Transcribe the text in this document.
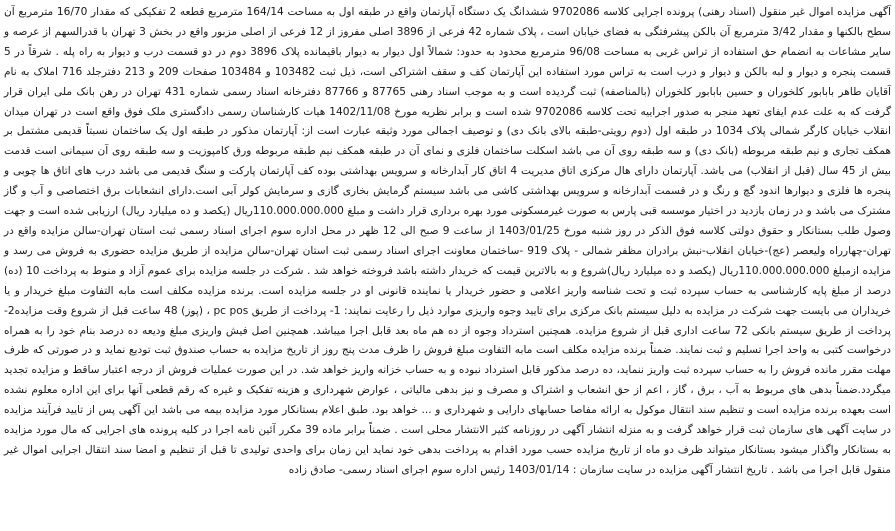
آگهی مزایده اموال غیر منقول (اسناد رهنی) پرونده اجرایی کلاسه 9702086 ششدانگ یک دستگاه آپارتمان واقع در طبقه اول به مساحت 164/14 مترمربع قطعه 2 تفکیکی که مقدار 16/70 مترمربع آن سطح بالکنها و مقدار 3/42 مترمربع آن بالکن پیشرفتگی به فضای خیابان است ، پلاک شماره 42 فرعی از 3896 اصلی مفروز از 12 فرعی از اصلی مزبور واقع در بخش 3 تهران با قدرالسهم از عرصه و سایر مشاعات به انضمام حق استفاده از تراس غربی به مساحت 96/08 مترمربع محدود به حدود: شمالاً اول دیوار به دیوار باقیمانده پلاک 3896 دوم در دو قسمت درب و دیوار به راه پله . شرقاً در 5 قسمت پنجره و دیوار و لبه بالکن و دیوار و درب است به تراس مورد استفاده این آپارتمان کف و سقف اشتراکی است، ذیل ثبت 103482 و 103484 صفحات 209 و 213 دفترجلد 716 املاک به نام آقایان طاهر بابابور کلخوران و حسین بابابور کلخوران (بالمناصفه) ثبت گردیده است و به موجب اسناد رهنی 87765 و 87766 دفترخانه اسناد رسمی شماره 431 تهران در رهن بانک ملی ایران قرار گرفت که به علت عدم ایفای تعهد منجر به صدور اجراییه تحت کلاسه 9702086 شده است و برابر نظریه مورخ 1402/11/08 هیات کارشناسان رسمی دادگستری ملک فوق واقع است در تهران میدان انقلاب خیابان کارگر شمالی پلاک 1034 در طبقه اول (دوم رویتی-طبقه بالای بانک دی) و توصیف اجمالی مورد وثیقه عبارت است از: آپارتمان مذکور در طبقه اول یک ساختمان نسبتاً قدیمی مشتمل بر همکف تجاری و نیم طبقه مربوطه (بانک دی) و سه طبقه روی آن می باشد اسکلت ساختمان فلزی و نمای آن در طبقه همکف نیم طبقه مربوطه ورق کامپوزیت و سه طبقه روی آن سیمانی است قدمت بیش از 45 سال (قبل از انقلاب) می باشد. آپارتمان دارای هال مرکزی اتاق مدیریت 4 اتاق کار آبدارخانه و سرویس بهداشتی بوده کف آپارتمان پارکت و سنگ قدیمی می باشد درب های اتاق ها چوبی و پنجره ها فلزی و دیوارها اندود گچ و رنگ و در قسمت آبدارخانه و سرویس بهداشتی کاشی می باشد سیستم گرمایش بخاری گازی و سرمایش کولر آبی است.دارای انشعابات برق اختصاصی و آب و گاز مشترک می باشد و در زمان بازدید در اختیار موسسه قبی پارس به صورت غیرمسکونی مورد بهره برداری قرار داشت و مبلغ 110.000.000.000ریال (یکصد و ده میلیارد ریال) ارزیابی شده است و جهت وصول طلب بستانکار و حقوق دولتی کلاسه فوق الذکر در روز شنبه مورخ 1403/01/25 از ساعت 9 صبح الی 12 ظهر در محل اداره سوم اجرای اسناد رسمی ثبت استان تهران-سالن مزایده واقع در تهران-چهارراه ولیعصر (عج)-خیابان انقلاب-نبش برادران مظفر شمالی - پلاک 919 -ساختمان معاونت اجرای اسناد رسمی ثبت استان تهران-سالن مزایده از طریق مزایده حضوری به فروش می رسد و مزایده ازمبلغ 110.000.000.000ریال (یکصد و ده میلیارد ریال)شروع و به بالاترین قیمت که خریدار داشته باشد فروخته خواهد شد . شرکت در جلسه مزایده برای عموم آزاد و منوط به پرداخت 10 (ده) درصد از مبلغ پایه کارشناسی به حساب سپرده ثبت و تحت شناسه واریز اعلامی و حضور خریدار یا نماینده قانونی او در جلسه مزایده است. برنده مزایده مکلف است مابه التفاوت مبلغ خریدار و یا خریداران می بایست جهت شرکت در مزایده به دلیل سیستم بانک مرکزی برای تایید وجوه واریزی موارد ذیل را رعایت نمایند: 1- پرداخت از طریق pc pos ، (پوز) 48 ساعت قبل از شروع وقت مزایده2- پرداخت از طریق سیستم بانکی 72 ساعت اداری قبل از شروع مزایده. همچنین استرداد وجوه از ده هم ماه بعد قابل اجرا میباشد. همچنین اصل فیش واریزی مبلغ ودیعه ده درصد بنام خود را به همراه درخواست کتبی به واحد اجرا تسلیم و ثبت نمایند. ضمناً برنده مزایده مکلف است مابه التفاوت مبلغ فروش را ظرف مدت پنج روز از تاریخ مزایده به حساب صندوق ثبت تودیع نماید و در صورتی که ظرف مهلت مقرر مانده فروش را به حساب سپرده ثبت واریز ننماید، ده درصد مذکور قابل استرداد نبوده و به حساب خزانه واریز خواهد شد. در این صورت عملیات فروش از درجه اعتبار ساقط و مزایده تجدید میگردد.ضمناً بدهی های مربوط به آب ، برق ، گاز ، اعم از حق انشعاب و اشتراک و مصرف و نیز بدهی مالیاتی ، عوارض شهرداری و هزینه تفکیک و غیره که رقم قطعی آنها برای این اداره معلوم نشده است بعهده برنده مزایده است و تنظیم سند انتقال موکول به ارائه مفاصا حسابهای دارایی و شهرداری و ... خواهد بود. طبق اعلام بستانکار مورد مزایده بیمه می باشد این آگهی پس از تایید فرآیند مزایده در سایت آگهی های سازمان ثبت قرار خواهد گرفت و به منزله انتشار آگهی در روزنامه کثیر الانتشار محلی است . ضمناً برابر ماده 39 مکرر آئین نامه اجرا در کلیه پرونده های اجرایی که مال مورد مزایده به بستانکار واگذار میشود بستانکار میتواند ظرف دو ماه از تاریخ مزایده حسب مورد اقدام به پرداخت بدهی خود نماید این زمان برای واحدی تولیدی تا قبل از تنظیم و امضا سند انتقال اجرایی اموال غیر منقول قابل اجرا می باشد . تاریخ انتشار آگهی مزایده در سایت سازمان : 1403/01/14 رئیس اداره سوم اجرای اسناد رسمی- صادق زاده
